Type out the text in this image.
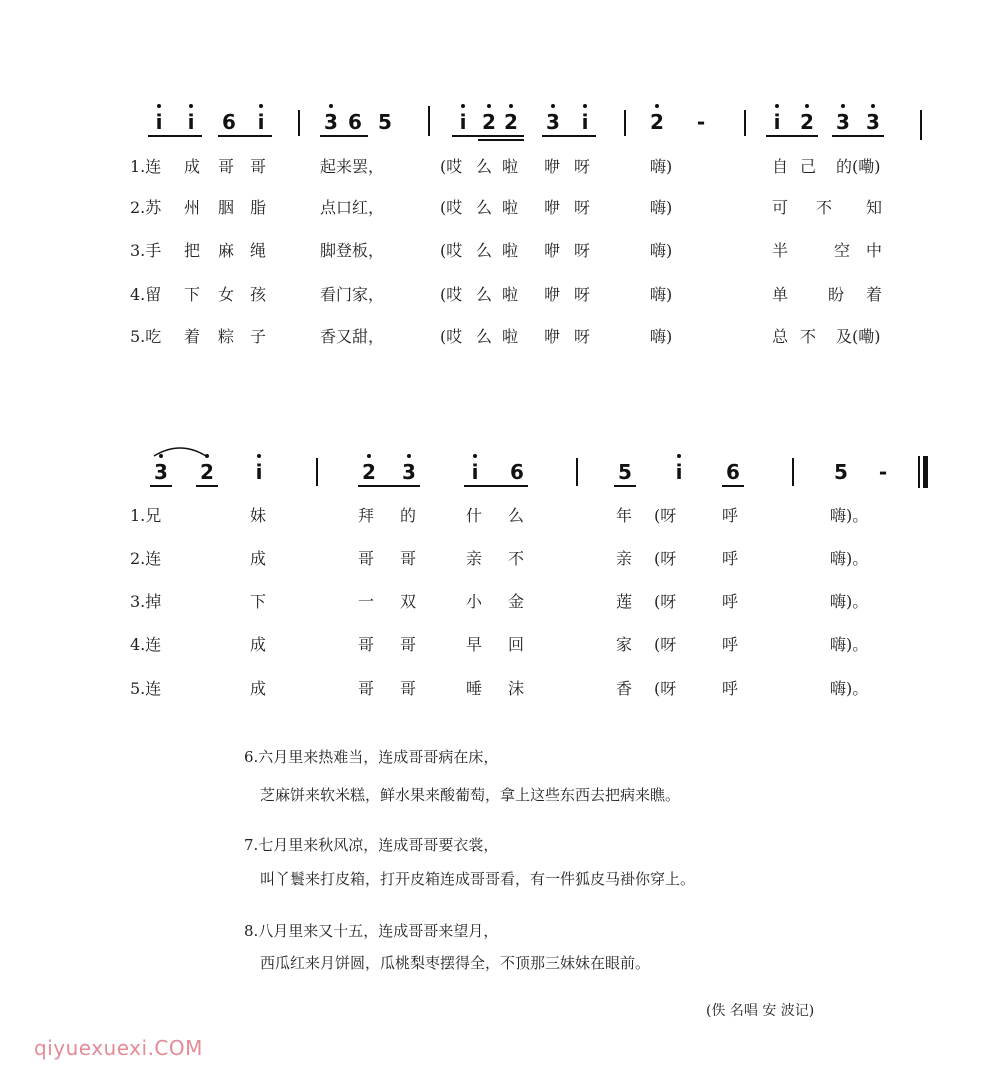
i	i	6	i	3 6 5	i 2 2 3	i	2	-	i 2 3 3
1.连 成 哥 哥	起来罢，	(哎 么 啦 咿 呀	嗨)	自 己 的(嘞)
2.苏 州 胭 脂	点口红，	(哎 么 啦 咿 呀	嗨)	可 不 知
3.手 把 麻 绳	脚登板，	(哎 么 啦 咿 呀	嗨)	半	空 中
4.留 下 女 孩	看门家，	(哎 么 啦 咿 呀	嗨)	单 盼 着
5.吃 着 粽 子	香又甜，	(哎 么 啦 咿 呀	嗨)	总 不 及(嘞)
3 2	i	2 3	i	6	5	i	6	5	-
1.兄	妹	拜 的	什 么	年 (呀	呼	嗨)。
2.连	成	哥 哥	亲 不	亲 (呀	呼	嗨)。
3.掉	下	一 双	小 金	莲 (呀	呼	嗨)。
4.连	成	哥 哥	早 回	家 (呀	呼	嗨)。
5.连	成	哥 哥	唾 沫	香 (呀	呼	嗨)。
6.六月里来热难当，连成哥哥病在床，
芝麻饼来软米糕，鲜水果来酸葡萄，拿上这些东西去把病来瞧。
7.七月里来秋风凉，连成哥哥要衣裳，
叫丫鬟来打皮箱，打开皮箱连成哥哥看，有一件狐皮马褂你穿上。
8.八月里来又十五，连成哥哥来望月，
西瓜红来月饼圆，瓜桃梨枣摆得全，不顶那三妹妹在眼前。
(佚 名唱 安 波记)
qiyuexuexi.COM
